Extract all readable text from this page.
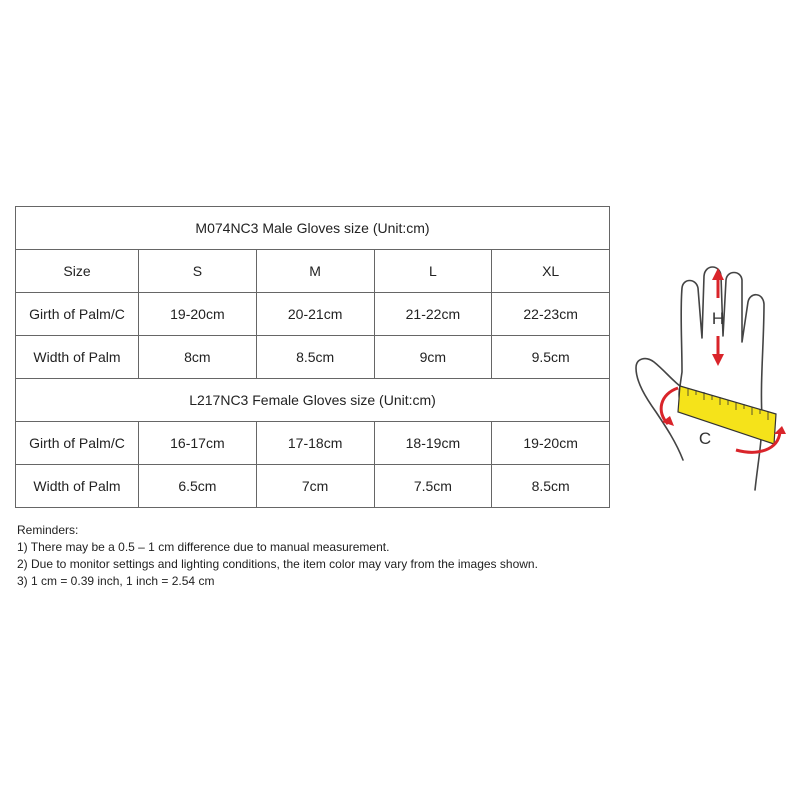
M074NC3 Male Gloves size (Unit:cm)				
Size	S	M	L	XL
Girth of Palm/C	19-20cm	20-21cm	21-22cm	22-23cm
Width of Palm	8cm	8.5cm	9cm	9.5cm
L217NC3 Female Gloves size (Unit:cm)				
Girth of Palm/C	16-17cm	17-18cm	18-19cm	19-20cm
Width of Palm	6.5cm	7cm	7.5cm	8.5cm
Reminders:
1) There may be a 0.5 – 1 cm difference due to manual measurement.
2) Due to monitor settings and lighting conditions, the item color may vary from the images shown.
3) 1 cm = 0.39 inch, 1 inch = 2.54 cm
H
C
